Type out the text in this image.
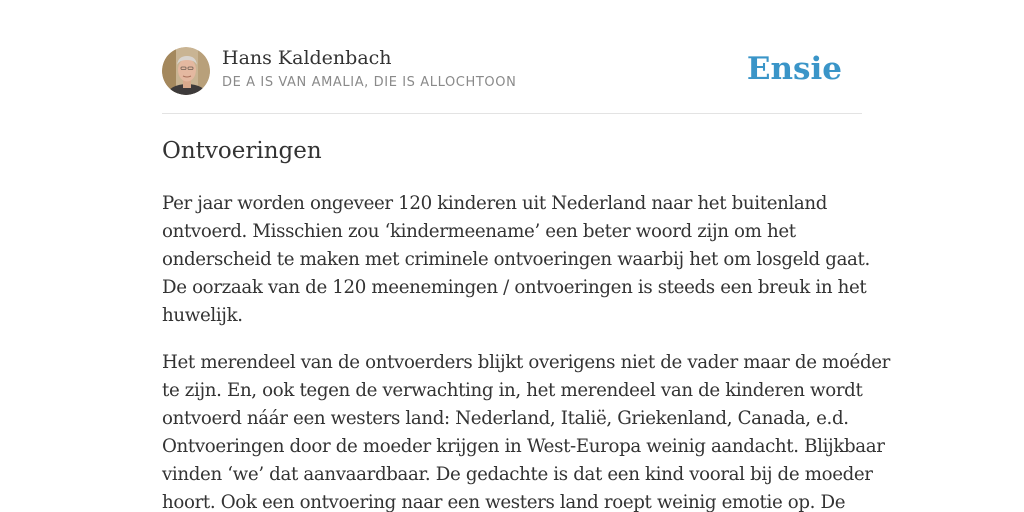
Hans Kaldenbach
DE A IS VAN AMALIA, DIE IS ALLOCHTOON	Ensie
Ontvoeringen

Per jaar worden ongeveer 120 kinderen uit Nederland naar het buitenland
ontvoerd. Misschien zou ‘kindermeename’ een beter woord zijn om het
onderscheid te maken met criminele ontvoeringen waarbij het om losgeld gaat.
De oorzaak van de 120 meenemingen / ontvoeringen is steeds een breuk in het
huwelijk.

Het merendeel van de ontvoerders blijkt overigens niet de vader maar de moéder
te zijn. En, ook tegen de verwachting in, het merendeel van de kinderen wordt
ontvoerd náár een westers land: Nederland, Italië, Griekenland, Canada, e.d.
Ontvoeringen door de moeder krijgen in West-Europa weinig aandacht. Blijkbaar
vinden ‘we’ dat aanvaardbaar. De gedachte is dat een kind vooral bij de moeder
hoort. Ook een ontvoering naar een westers land roept weinig emotie op. De
